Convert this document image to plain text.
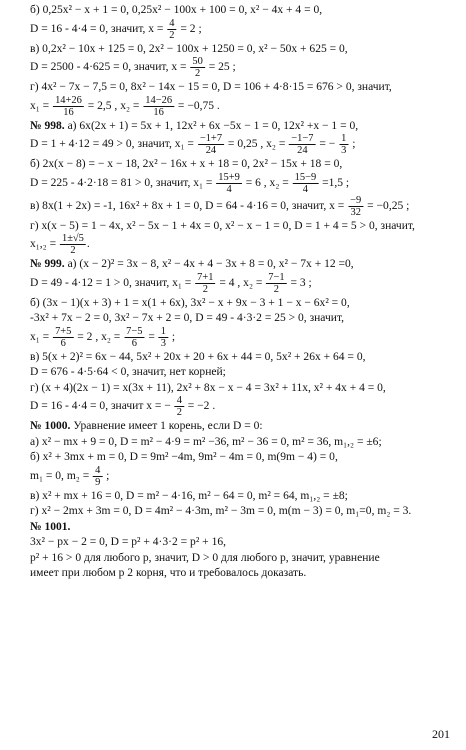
б) 0,25x² − x + 1 = 0, 0,25x² − 100x + 100 = 0, x² − 4x + 4 = 0,
D = 16 - 4·4 = 0, значит, $x = \frac{4}{2} = 2$ ;
в) 0,2x² − 10x + 125 = 0, 2x² − 100x + 1250 = 0, x² − 50x + 625 = 0,
D = 2500 - 4·625 = 0, значит, $x = \frac{50}{2} = 25$ ;
г) 4x² − 7x − 7,5 = 0, 8x² − 14x − 15 = 0, D = 106 + 4·8·15 = 676 > 0, значит,
$x_1 = \frac{14+26}{16} = 2,5$ , $x_2 = \frac{14-26}{16} = -0,75$ .
№ 998. а) 6x(2x + 1) = 5x + 1, 12x² + 6x −5x − 1 = 0, 12x² +x − 1 = 0,
D = 1 + 4·12 = 49 > 0, значит, $x_1 = \frac{-1+7}{24} = 0,25$ , $x_2 = \frac{-1-7}{24}$ = − $\frac{1}{3}$ ;
б) 2x(x − 8) = − x − 18, 2x² − 16x + x + 18 = 0, 2x² − 15x + 18 = 0,
D = 225 - 4·2·18 = 81 > 0, значит, $x_1 = \frac{15+9}{4} = 6$ , $x_2 = \frac{15-9}{4} =1,5$ ;
в) 8x(1 + 2x) = -1, 16x² + 8x + 1 = 0, D = 64 - 4·16 = 0, значит, $x = \frac{-9}{32} = -0,25$ ;
г) x(x − 5) = 1 − 4x, x² − 5x − 1 + 4x = 0, x² − x − 1 = 0, D = 1 + 4 = 5 > 0, значит,
$x_1,_2 = \frac{1\pm√5}{2}$ .
№ 999. а) (x − 2)² = 3x − 8, x² − 4x + 4 − 3x + 8 = 0, x² − 7x + 12 =0,
D = 49 - 4·12 = 1 > 0, значит, $x_1 = \frac{7+1}{2} = 4$ , $x_2 = \frac{7-1}{2} = 3$ ;
б) (3x − 1)(x + 3) + 1 = x(1 + 6x), 3x² − x + 9x − 3 + 1 − x − 6x² = 0,
-3x² + 7x − 2 = 0, 3x² − 7x + 2 = 0, D = 49 - 4·3·2 = 25 > 0, значит,
$x_1 = \frac{7+5}{6} = 2$ , $x_2 = \frac{7-5}{6} = \frac{1}{3}$ ;
в) 5(x + 2)² = 6x − 44, 5x² + 20x + 20 + 6x + 44 = 0, 5x² + 26x + 64 = 0,
D = 676 - 4·5·64 < 0, значит, нет корней;
г) (x + 4)(2x − 1) = x(3x + 11), 2x² + 8x − x − 4 = 3x² + 11x, x² + 4x + 4 = 0,
D = 16 - 4·4 = 0, значит x = − $\frac{4}{2} = -2$ .
№ 1000. Уравнение имеет 1 корень, если D = 0:
а) x² − mx + 9 = 0, D = m² − 4·9 = m² −36, m² − 36 = 0, m² = 36, m₁,₂ = ±6;
б) x² + 3mx + m = 0, D = 9m² −4m, 9m² − 4m = 0, m(9m − 4) = 0,
m₁ = 0, $m_2 = \frac{4}{9}$ ;
в) x² + mx + 16 = 0, D = m² − 4·16, m² − 64 = 0, m² = 64, m₁,₂ = ±8;
г) x² − 2mx + 3m = 0, D = 4m² − 4·3m, m² − 3m = 0, m(m − 3) = 0, m₁=0, m₂ = 3.
№ 1001.
3x² − px − 2 = 0, D = p² + 4·3·2 = p² + 16,
p² + 16 > 0 для любого p, значит, D > 0 для любого p, значит, уравнение
имеет при любом p 2 корня, что и требовалось доказать.
201
